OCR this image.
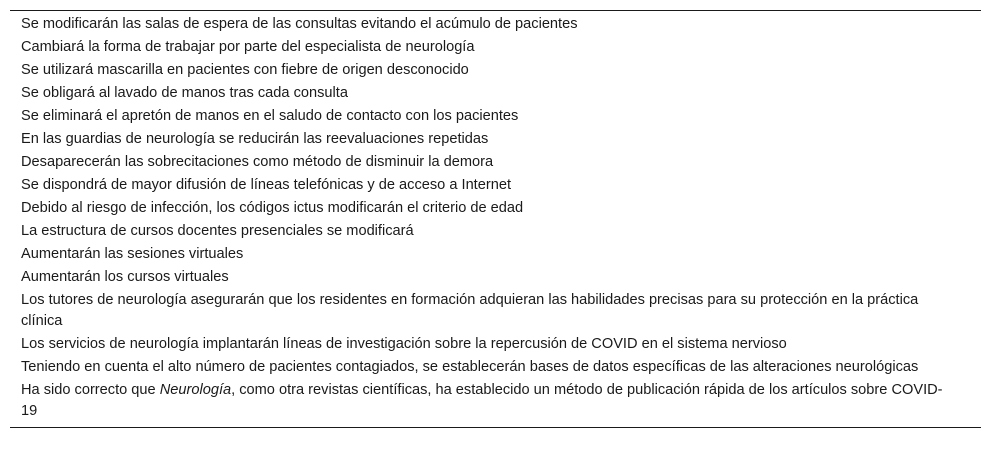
Se modificarán las salas de espera de las consultas evitando el acúmulo de pacientes
Cambiará la forma de trabajar por parte del especialista de neurología
Se utilizará mascarilla en pacientes con fiebre de origen desconocido
Se obligará al lavado de manos tras cada consulta
Se eliminará el apretón de manos en el saludo de contacto con los pacientes
En las guardias de neurología se reducirán las reevaluaciones repetidas
Desaparecerán las sobrecitaciones como método de disminuir la demora
Se dispondrá de mayor difusión de líneas telefónicas y de acceso a Internet
Debido al riesgo de infección, los códigos ictus modificarán el criterio de edad
La estructura de cursos docentes presenciales se modificará
Aumentarán las sesiones virtuales
Aumentarán los cursos virtuales
Los tutores de neurología asegurarán que los residentes en formación adquieran las habilidades precisas para su protección en la práctica clínica
Los servicios de neurología implantarán líneas de investigación sobre la repercusión de COVID en el sistema nervioso
Teniendo en cuenta el alto número de pacientes contagiados, se establecerán bases de datos específicas de las alteraciones neurológicas
Ha sido correcto que Neurología, como otra revistas científicas, ha establecido un método de publicación rápida de los artículos sobre COVID-19
